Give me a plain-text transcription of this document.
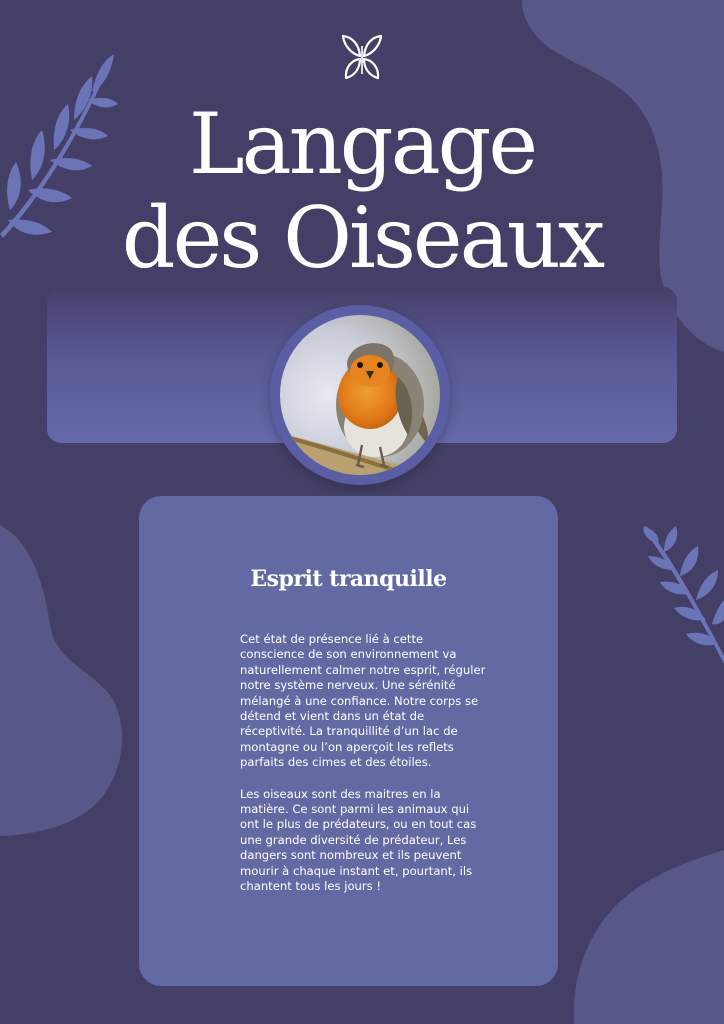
Langage
des Oiseaux
Esprit tranquille

Cet état de présence lié à cette conscience de son environnement va naturellement calmer notre esprit, réguler notre système nerveux. Une sérénité mélangé à une confiance. Notre corps se détend et vient dans un état de réceptivité. La tranquillité d’un lac de montagne ou l’on aperçoit les reflets parfaits des cimes et des étoiles.

Les oiseaux sont des maitres en la matière. Ce sont parmi les animaux qui ont le plus de prédateurs, ou en tout cas une grande diversité de prédateur, Les dangers sont nombreux et ils peuvent mourir à chaque instant et, pourtant, ils chantent tous les jours !
